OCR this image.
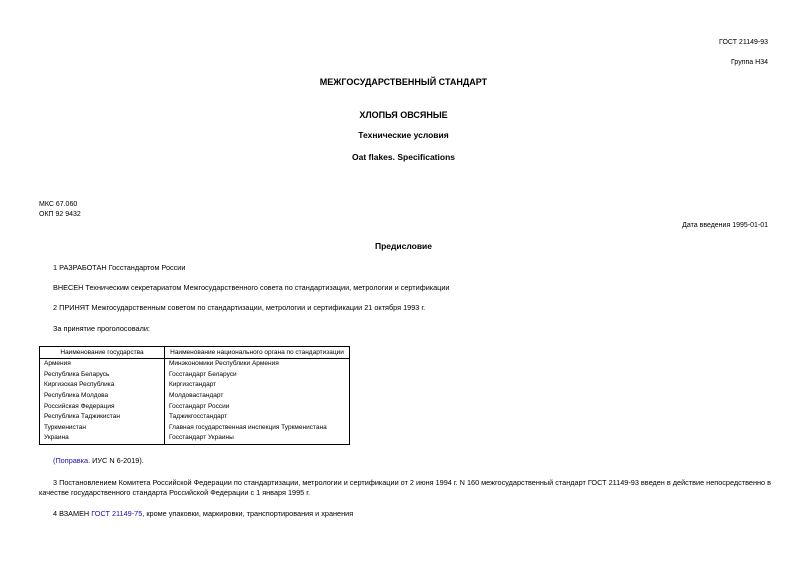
ГОСТ 21149-93
Группа Н34
МЕЖГОСУДАРСТВЕННЫЙ СТАНДАРТ
ХЛОПЬЯ ОВСЯНЫЕ
Технические условия
Oat flakes. Specifications
МКС 67.060
ОКП 92 9432
Дата введения 1995-01-01
Предисловие
1 РАЗРАБОТАН Госстандартом России
ВНЕСЕН Техническим секретариатом Межгосударственного совета по стандартизации, метрологии и сертификации
2 ПРИНЯТ Межгосударственным советом по стандартизации, метрологии и сертификации 21 октября 1993 г.
За принятие проголосовали:
Наименование государства	Наименование национального органа по стандартизации
Армения	Минэкономики Республики Армения
Республика Беларусь	Госстандарт Беларуси
Киргизская Республика	Киргизстандарт
Республика Молдова	Молдовастандарт
Российская Федерация	Госстандарт России
Республика Таджикистан	Таджикгосстандарт
Туркменистан	Главная государственная инспекция Туркменистана
Украина	Госстандарт Украины
(Поправка. ИУС N 6-2019).
3 Постановлением Комитета Российской Федерации по стандартизации, метрологии и сертификации от 2 июня 1994 г. N 160 межгосударственный стандарт ГОСТ 21149-93 введен в действие непосредственно в
качестве государственного стандарта Российской Федерации с 1 января 1995 г.
4 ВЗАМЕН ГОСТ 21149-75, кроме упаковки, маркировки, транспортирования и хранения
